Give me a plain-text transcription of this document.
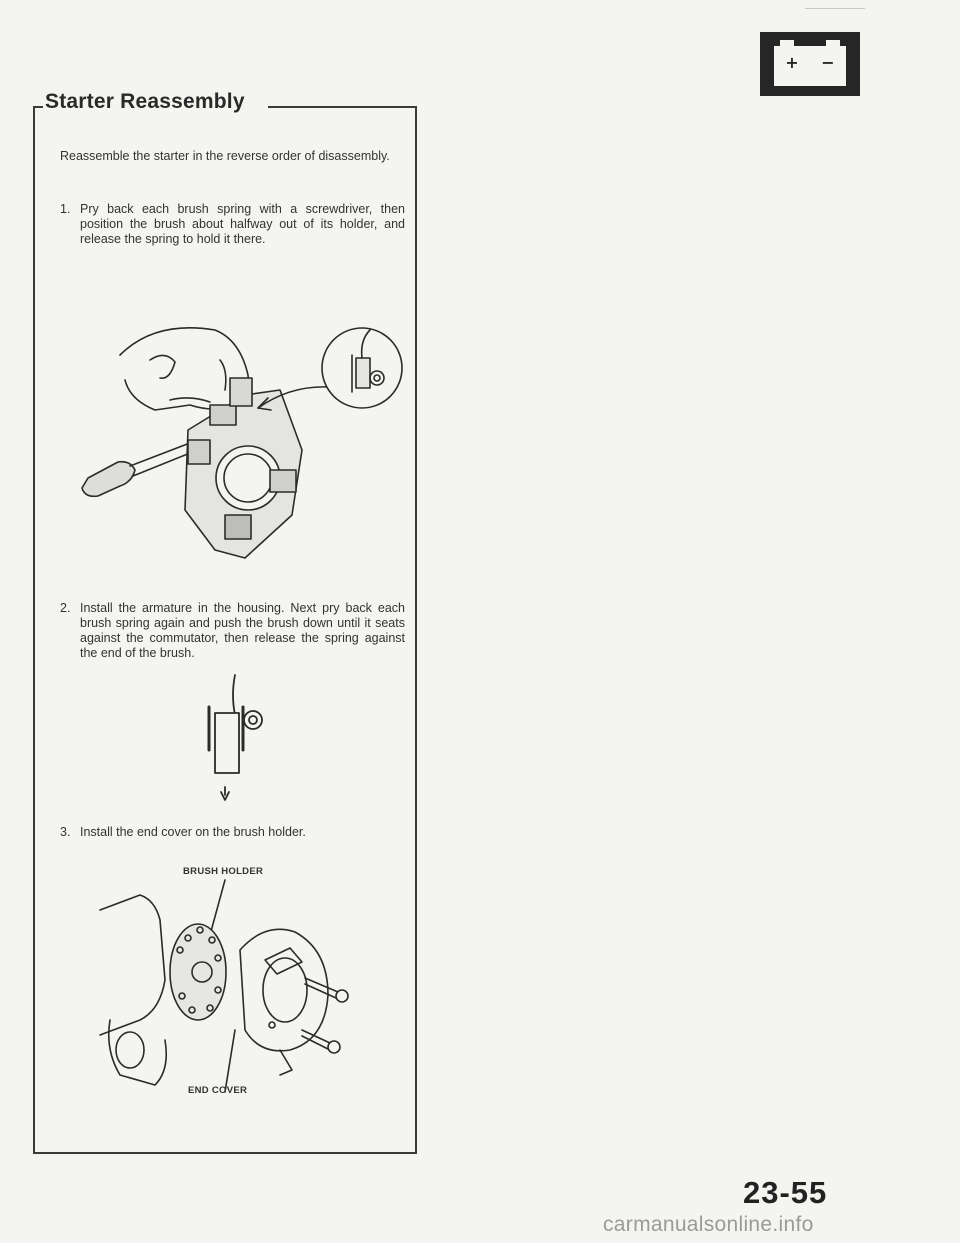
+ −
Starter Reassembly

Reassemble the starter in the reverse order of disassembly.

1. Pry back each brush spring with a screwdriver, then position the brush about halfway out of its holder, and release the spring to hold it there.
2. Install the armature in the housing. Next pry back each brush spring again and push the brush down until it seats against the commutator, then release the spring against the end of the brush.
3. Install the end cover on the brush holder.

BRUSH HOLDER

END COVER

23-55

carmanualsonline.info
